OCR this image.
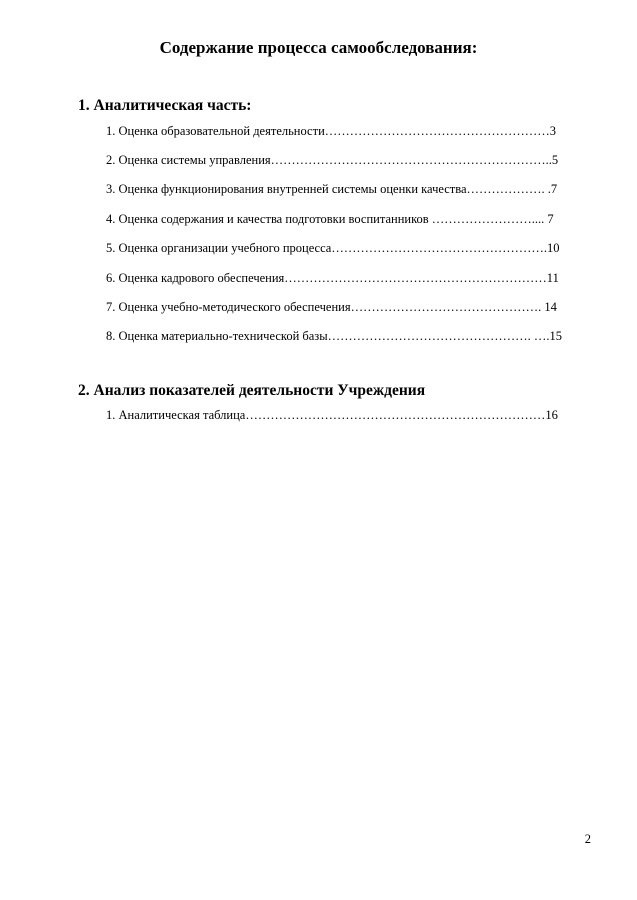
Содержание процесса самообследования:
1. Аналитическая часть:

1. Оценка образовательной деятельности………………………………………………3

2. Оценка системы управления…………………………………………………………..5

3. Оценка функционирования внутренней системы оценки качества………………. .7

4. Оценка содержания и качества подготовки воспитанников …………………….... 7

5. Оценка организации учебного процесса…………………………………………….10

6. Оценка кадрового обеспечения………………………………………………………11

7. Оценка учебно-методического обеспечения………………………………………. 14

8. Оценка материально-технической базы…………………………………………. ….15

2. Анализ показателей деятельности Учреждения

1. Аналитическая таблица………………………………………………………………16

2
